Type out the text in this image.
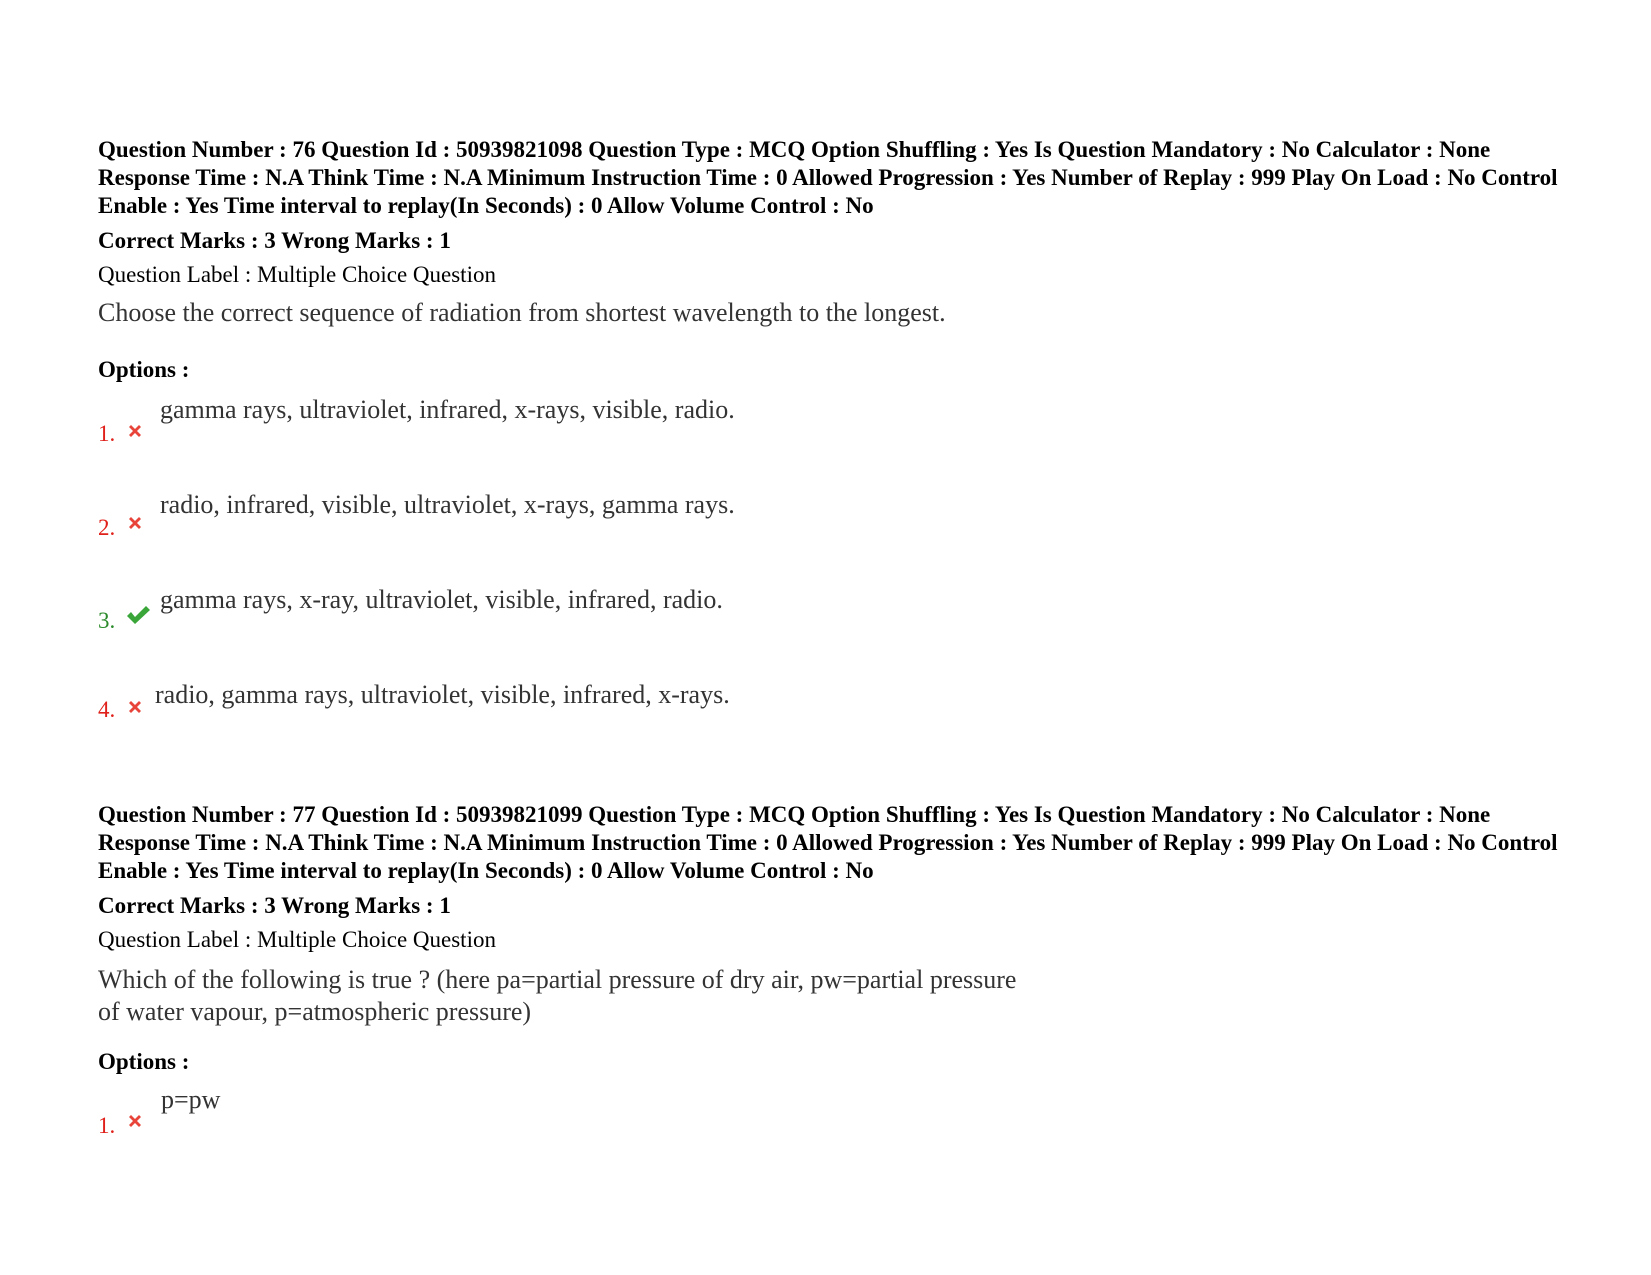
Question Number : 76 Question Id : 50939821098 Question Type : MCQ Option Shuffling : Yes Is Question Mandatory : No Calculator : None Response Time : N.A Think Time : N.A Minimum Instruction Time : 0 Allowed Progression : Yes Number of Replay : 999 Play On Load : No Control Enable : Yes Time interval to replay(In Seconds) : 0 Allow Volume Control : No

Correct Marks : 3 Wrong Marks : 1
Question Label : Multiple Choice Question
Choose the correct sequence of radiation from shortest wavelength to the longest.
Options :
gamma rays, ultraviolet, infrared, x-rays, visible, radio.
1.
radio, infrared, visible, ultraviolet, x-rays, gamma rays.
2.
gamma rays, x-ray, ultraviolet, visible, infrared, radio.
3.
radio, gamma rays, ultraviolet, visible, infrared, x-rays.
4.

Question Number : 77 Question Id : 50939821099 Question Type : MCQ Option Shuffling : Yes Is Question Mandatory : No Calculator : None Response Time : N.A Think Time : N.A Minimum Instruction Time : 0 Allowed Progression : Yes Number of Replay : 999 Play On Load : No Control Enable : Yes Time interval to replay(In Seconds) : 0 Allow Volume Control : No

Correct Marks : 3 Wrong Marks : 1
Question Label : Multiple Choice Question
Which of the following is true ? (here pa=partial pressure of dry air, pw=partial pressure
of water vapour, p=atmospheric pressure)
Options :
p=pw
1.
